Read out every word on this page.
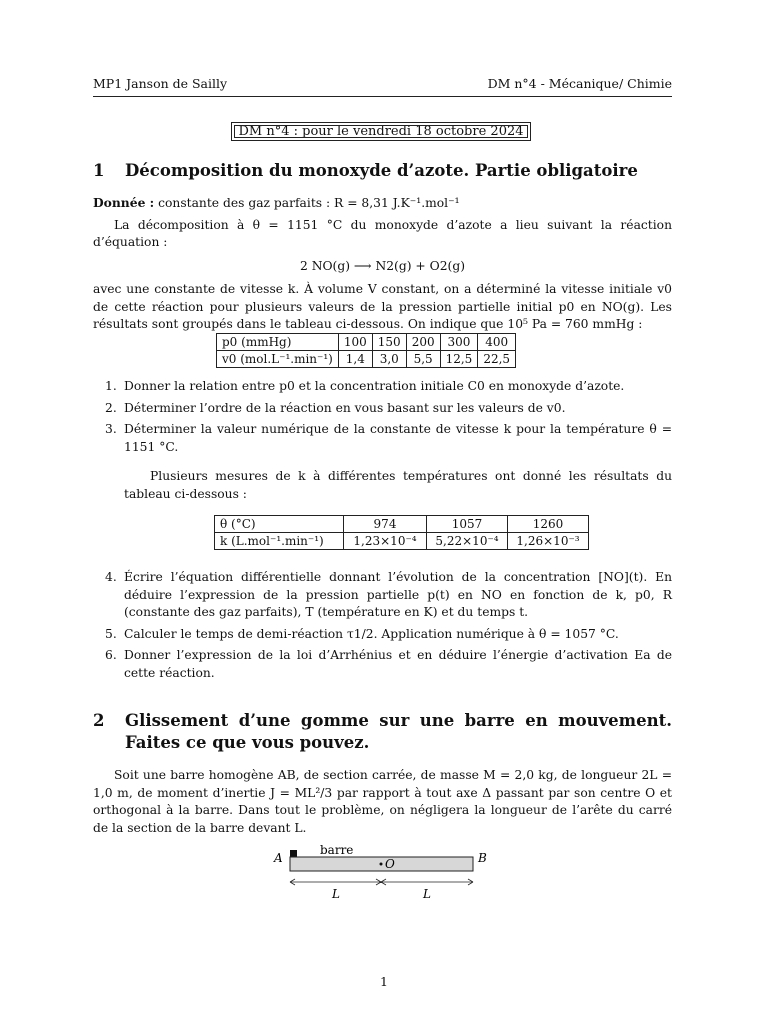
MP1 Janson de Sailly	DM n°4 - Mécanique/ Chimie
DM n°4 : pour le vendredi 18 octobre 2024
1	Décomposition du monoxyde d’azote. Partie obligatoire

Donnée : constante des gaz parfaits : R = 8,31 J.K⁻¹.mol⁻¹

La décomposition à θ = 1151 °C du monoxyde d’azote a lieu suivant la réaction d’équation :

2 NO(g) ⟶ N2(g) + O2(g)

avec une constante de vitesse k. À volume V constant, on a déterminé la vitesse initiale v0 de cette réaction pour plusieurs valeurs de la pression partielle initial p0 en NO(g). Les résultats sont groupés dans le tableau ci-dessous. On indique que 10⁵ Pa = 760 mmHg :

p0 (mmHg)	100	150	200	300	400
v0 (mol.L⁻¹.min⁻¹)	1,4	3,0	5,5	12,5	22,5
1. Donner la relation entre p0 et la concentration initiale C0 en monoxyde d’azote.
2. Déterminer l’ordre de la réaction en vous basant sur les valeurs de v0.
3. Déterminer la valeur numérique de la constante de vitesse k pour la température θ = 1151 °C.

Plusieurs mesures de k à différentes températures ont donné les résultats du tableau ci-dessous :

θ (°C)	974	1057	1260
k (L.mol⁻¹.min⁻¹)	1,23×10⁻⁴	5,22×10⁻⁴	1,26×10⁻³
4. Écrire l’équation différentielle donnant l’évolution de la concentration [NO](t). En déduire l’expression de la pression partielle p(t) en NO en fonction de k, p0, R (constante des gaz parfaits), T (température en K) et du temps t.
5. Calculer le temps de demi-réaction τ1/2. Application numérique à θ = 1057 °C.
6. Donner l’expression de la loi d’Arrhénius et en déduire l’énergie d’activation Ea de cette réaction.
2	Glissement d’une gomme sur une barre en mouvement. Faites ce que vous pouvez.

Soit une barre homogène AB, de section carrée, de masse M = 2,0 kg, de longueur 2L = 1,0 m, de moment d’inertie J = ML²/3 par rapport à tout axe Δ passant par son centre O et orthogonal à la barre. Dans tout le problème, on négligera la longueur de l’arête du carré de la section de la barre devant L.

barre
A	B
O
L	L
1
